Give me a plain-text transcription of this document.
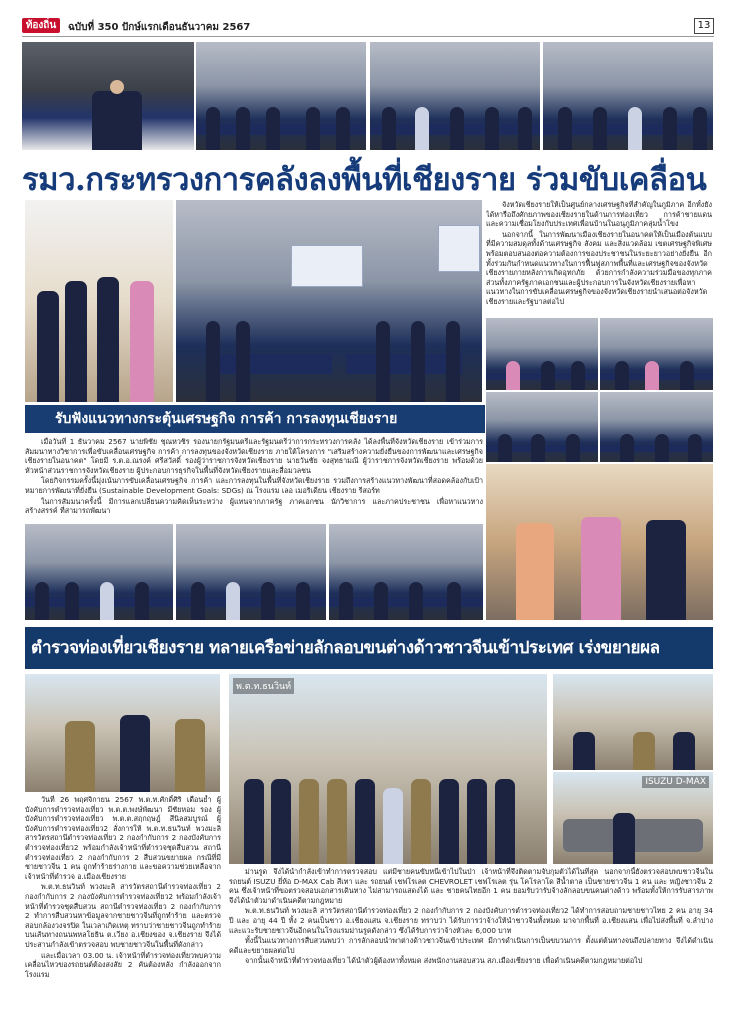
ท้องถิ่น	ฉบับที่ 350 ปักษ์แรกเดือนธันวาคม 2567	13
รมว.กระทรวงการคลังลงพื้นที่เชียงราย ร่วมขับเคลื่อน

จังหวัดเชียงรายให้เป็นศูนย์กลางเศรษฐกิจที่สำคัญในภูมิภาค อีกทั้งยังได้หารือถึงศักยภาพของเชียงรายในด้านการท่องเที่ยว การค้าชายแดน และความเชื่อมโยงกับประเทศเพื่อนบ้านในอนุภูมิภาคลุ่มน้ำโขง

นอกจากนี้ ในการพัฒนาเมืองเชียงรายในอนาคตให้เป็นเมืองต้นแบบที่มีความสมดุลทั้งด้านเศรษฐกิจ สังคม และสิ่งแวดล้อม เขตเศรษฐกิจพิเศษ พร้อมตอบสนองต่อความต้องการของประชาชนในระยะยาวอย่างยั่งยืน อีกทั้งร่วมกันกำหนดแนวทางในการฟื้นฟูสภาพพื้นที่และเศรษฐกิจของจังหวัดเชียงรายภายหลังการเกิดอุทกภัย ด้วยการกำลังความร่วมมือของทุกภาคส่วนทั้งภาครัฐภาคเอกชนและผู้ประกอบการในจังหวัดเชียงรายเพื่อหาแนวทางในการขับเคลื่อนเศรษฐกิจของจังหวัดเชียงรายนำเสนอต่อจังหวัดเชียงรายและรัฐบาลต่อไป

รับฟังแนวทางกระตุ้นเศรษฐกิจ การค้า การลงทุนเชียงราย

เมื่อวันที่ 1 ธันวาคม 2567 นายพิชัย ชุณหวชิร รองนายกรัฐมนตรีและรัฐมนตรีว่าการกระทรวงการคลัง ได้ลงพื้นที่จังหวัดเชียงราย เข้าร่วมการสัมมนาทางวิชาการเพื่อขับเคลื่อนเศรษฐกิจ การค้า การลงทุนของจังหวัดเชียงราย ภายใต้โครงการ "เสริมสร้างความยั่งยืนของการพัฒนาและเศรษฐกิจเชียงรายในอนาคต" โดยมี ร.ต.อ.ณรงค์ ศรีสวัสดิ์ รองผู้ว่าราชการจังหวัดเชียงราย นายวันชัย จงสุทธามณี ผู้ว่าราชการจังหวัดเชียงราย พร้อมด้วยหัวหน้าส่วนราชการจังหวัดเชียงราย ผู้ประกอบการธุรกิจในพื้นที่จังหวัดเชียงรายและสื่อมวลชน

โดยกิจกรรมครั้งนี้มุ่งเน้นการขับเคลื่อนเศรษฐกิจ การค้า และการลงทุนในพื้นที่จังหวัดเชียงราย รวมถึงการสร้างแนวทางพัฒนาที่สอดคล้องกับเป้าหมายการพัฒนาที่ยั่งยืน (Sustainable Development Goals: SDGs) ณ โรงแรม เลอ เมอริเดียน เชียงราย รีสอร์ท

ในการสัมมนาครั้งนี้ มีการแลกเปลี่ยนความคิดเห็นระหว่าง ผู้แทนจากภาครัฐ ภาคเอกชน นักวิชาการ และภาคประชาชน เพื่อหาแนวทางสร้างสรรค์ ที่สามารถพัฒนา

ตำรวจท่องเที่ยวเชียงราย ทลายเครือข่ายลักลอบขนต่างด้าวชาวจีนเข้าประเทศ เร่งขยายผล
พ.ต.ท.ธนวินท์
ISUZU D-MAX

วันที่ 26 พฤศจิกายน 2567 พ.ต.ท.ศักดิ์ศิริ เดือนย้ำ ผู้บังคับการตำรวจท่องเที่ยว พ.ต.ต.พงษ์พัฒนา มีชัยหอม รอง ผู้บังคับการตำรวจท่องเที่ยว พ.ต.ต.สฤกฤษฎ์ สีนิลสมบูรณ์ ผู้บังคับการตำรวจท่องเที่ยว2 สั่งการให้ พ.ต.ท.ธนวินท์ พวงมะลิ สารวัตรสถานีตำรวจท่องเที่ยว 2 กองกำกับการ 2 กองบังคับการตำรวจท่องเที่ยว2 พร้อมกำลังเจ้าหน้าที่ตำรวจชุดสืบสวน สถานีตำรวจท่องเที่ยว 2 กองกำกับการ 2 สืบสวนขยายผล กรณีที่มีชายชาวจีน 1 คน ถูกทำร้ายร่างกาย และขอความช่วยเหลือจากเจ้าหน้าที่ตำรวจ อ.เมืองเชียงราย

พ.ต.ท.ธนวินท์ พวงมะลิ สารวัตรสถานีตำรวจท่องเที่ยว 2 กองกำกับการ 2 กองบังคับการตำรวจท่องเที่ยว2 พร้อมกำลังเจ้าหน้าที่ตำรวจชุดสืบสวน สถานีตำรวจท่องเที่ยว 2 กองกำกับการ 2 ทำการสืบสวนหาข้อมูลจากชายชาวจีนที่ถูกทำร้าย และตรวจสอบกล้องวงจรปิด ในเวลาเกิดเหตุ ทราบว่าชายชาวจีนถูกทำร้าย บนเส้นทางถนนพหลโยธิน ต.เวียง อ.เชียงของ จ.เชียงราย จึงได้ประสานกำลังเข้าตรวจสอบ พบชายชาวจีนในพื้นที่ดังกล่าว

และเมื่อเวลา 03.00 น. เจ้าหน้าที่ตำรวจท่องเที่ยวพบความเคลื่อนไหวของรถยนต์ต้องสงสัย 2 คันต้องหลัง กำลังออกจากโรงแรม

ม่านรูด จึงได้นำกำลังเข้าทำการตรวจสอบ แต่มีชายคนขับหนีเข้าไปในป่า เจ้าหน้าที่จึงติดตามจับกุมตัวได้ในที่สุด นอกจากนี้ยังตรวจสอบพบชาวจีนในรถยนต์ ISUZU ยี่ห้อ D-MAX Cab สีเทา และ รถยนต์ เชฟโรเลต CHEVROLET เชฟโรเลต รุ่น โคโรลาโด สีน้ำตาล เป็นชายชาวจีน 1 คน และ หญิงชาวจีน 2 คน ซึ่งเจ้าหน้าที่ขอตรวจสอบเอกสารเดินทาง ไม่สามารถแสดงได้ และ ชายคนไทยอีก 1 คน ยอมรับว่ารับจ้างลักลอบขนคนต่างด้าว พร้อมทั้งให้การรับสารภาพ จึงได้นำตัวมาดำเนินคดีตามกฎหมาย

พ.ต.ท.ธนวินท์ พวงมะลิ สารวัตรสถานีตำรวจท่องเที่ยว 2 กองกำกับการ 2 กองบังคับการตำรวจท่องเที่ยว2 ได้ทำการสอบถามชายชาวไทย 2 คน อายุ 34 ปี และ อายุ 44 ปี ทั้ง 2 คนเป็นชาว อ.เชียงแสน จ.เชียงราย ทราบว่า ได้รับการว่าจ้างให้นำชาวจีนทั้งหมด มาจากพื้นที่ อ.เชียงแสน เพื่อไปส่งพื้นที่ จ.ลำปาง และแวะรับชายชาวจีนอีกคนในโรงแรมม่านรูดดังกล่าว ซึ่งได้รับการว่าจ้างหัวละ 6,000 บาท

ทั้งนี้ในแนวทางการสืบสวนพบว่า การลักลอบนำพาต่างด้าวชาวจีนเข้าประเทศ มีการดำเนินการเป็นขบวนการ ตั้งแต่ต้นทางจนถึงปลายทาง จึงได้ดำเนินคดีและขยายผลต่อไป

จากนั้นเจ้าหน้าที่ตำรวจท่องเที่ยว ได้นำตัวผู้ต้องหาทั้งหมด ส่งพนักงานสอบสวน สภ.เมืองเชียงราย เพื่อดำเนินคดีตามกฎหมายต่อไป
